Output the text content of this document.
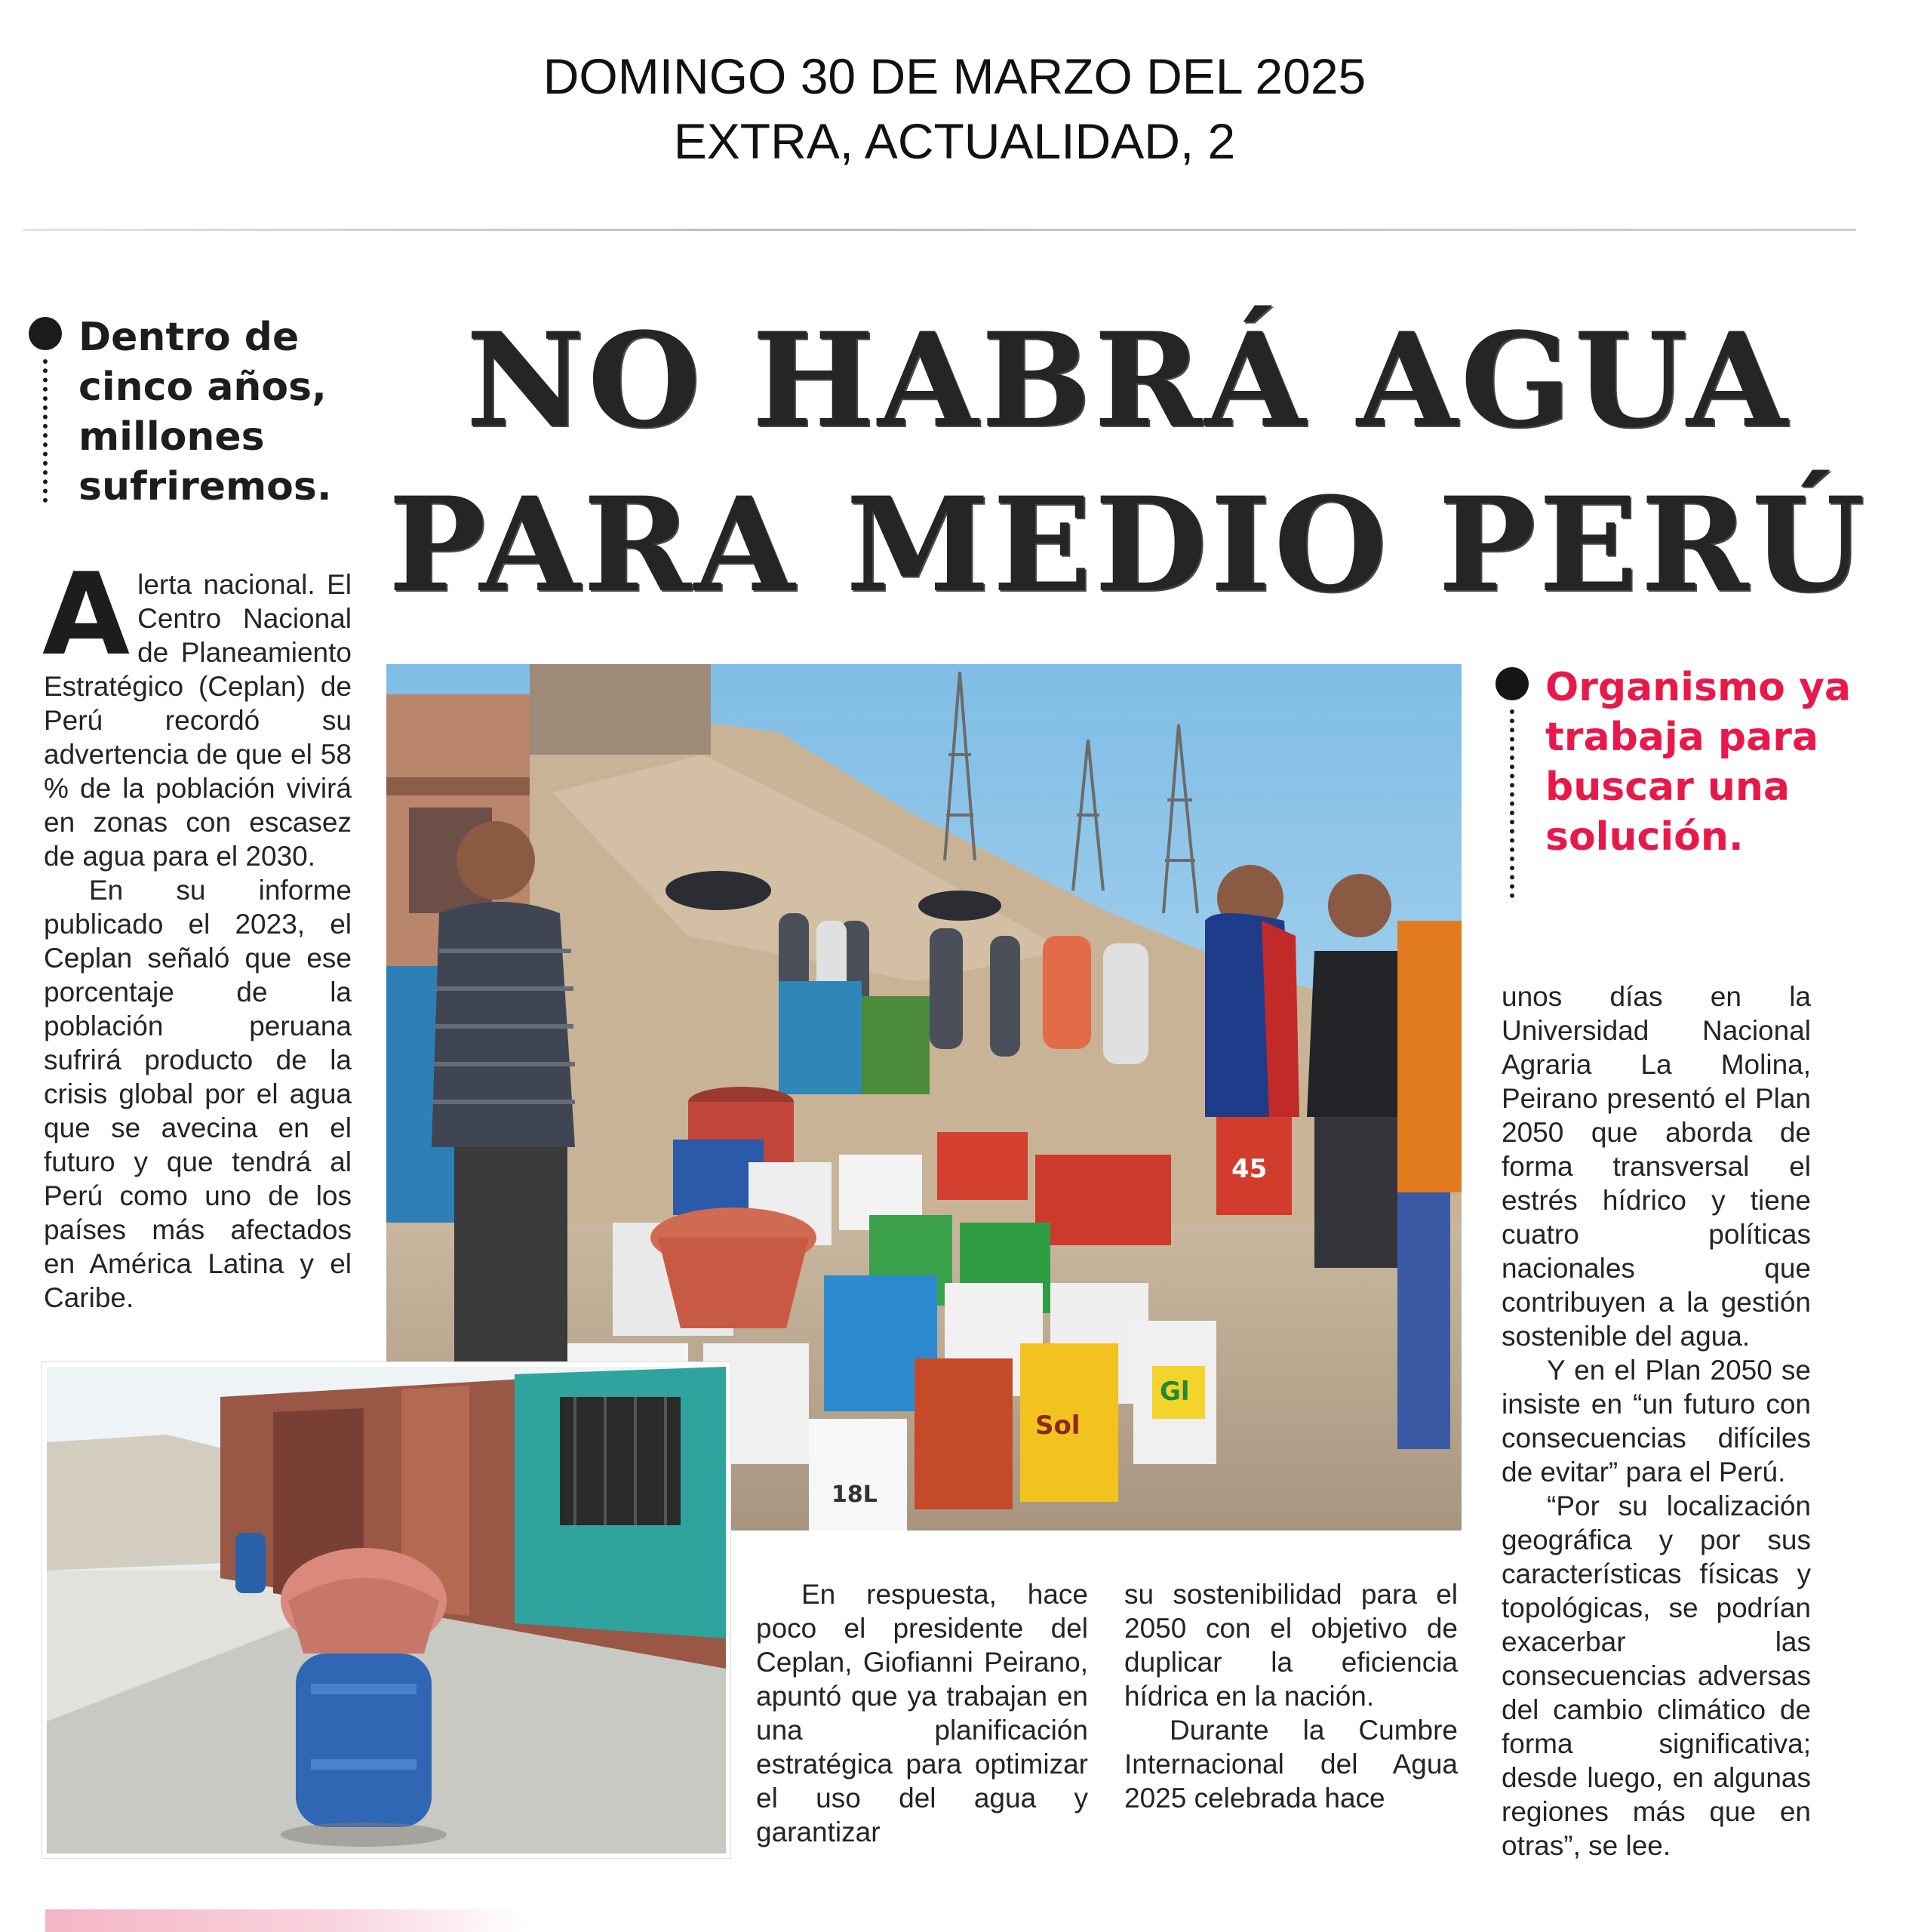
DOMINGO 30 DE MARZO DEL 2025
EXTRA, ACTUALIDAD, 2
Dentro de cinco años, millones sufriremos.
NO HABRÁ AGUA
PARA MEDIO PERÚ

A lerta nacional. El Centro Nacional de Planeamiento Estratégico (Ceplan) de Perú recordó su advertencia de que el 58 % de la población vivirá en zonas con escasez de agua para el 2030.

En su informe publicado el 2023, el Ceplan señaló que ese porcentaje de la población peruana sufrirá producto de la crisis global por el agua que se avecina en el futuro y que tendrá al Perú como uno de los países más afectados en América Latina y el Caribe.

45
Sol
Gl
18L
Organismo ya trabaja para buscar una solución.

unos días en la Universidad Nacional Agraria La Molina, Peirano presentó el Plan 2050 que aborda de forma transversal el estrés hídrico y tiene cuatro políticas nacionales que contribuyen a la gestión sostenible del agua.

Y en el Plan 2050 se insiste en “un futuro con consecuencias difíciles de evitar” para el Perú.

“Por su localización geográfica y por sus características físicas y topológicas, se podrían exacerbar las consecuencias adversas del cambio climático de forma significativa; desde luego, en algunas regiones más que en otras”, se lee.

En respuesta, hace poco el presidente del Ceplan, Giofianni Peirano, apuntó que ya trabajan en una planificación estratégica para optimizar el uso del agua y garantizar

su sostenibilidad para el 2050 con el objetivo de duplicar la eficiencia hídrica en la nación.

Durante la Cumbre Internacional del Agua 2025 celebrada hace
